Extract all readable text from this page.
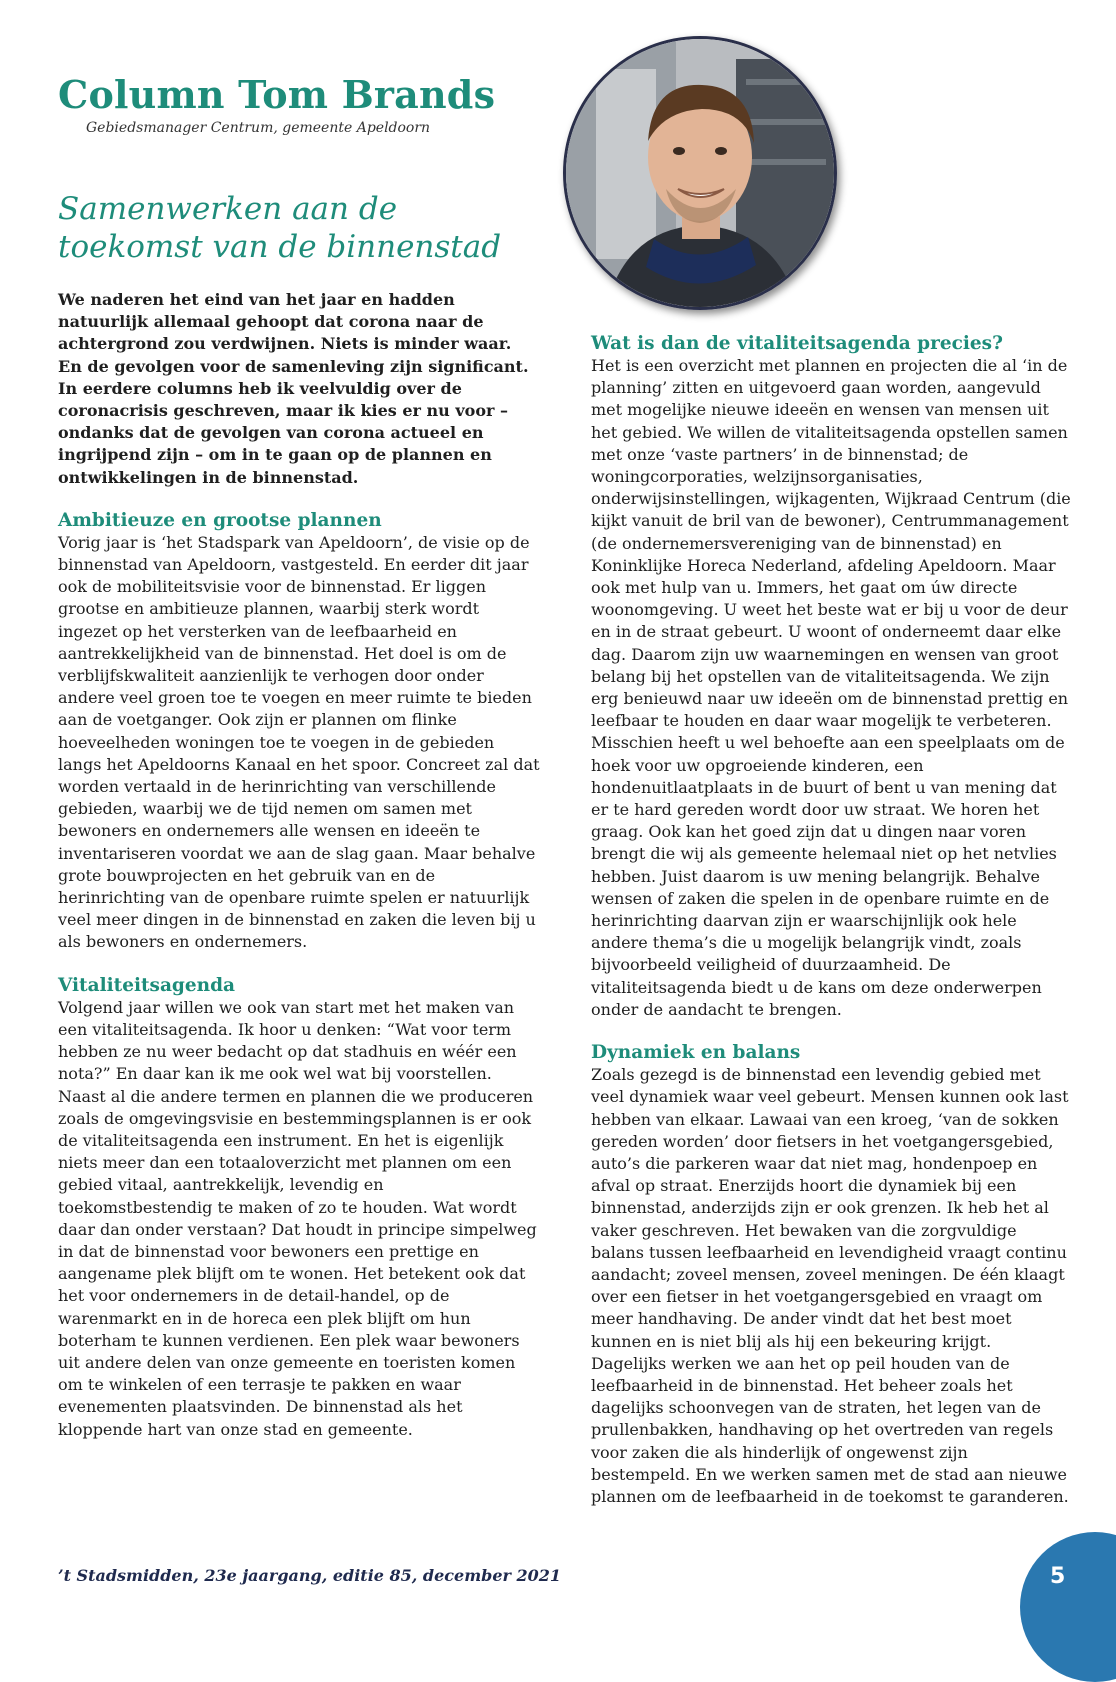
Column Tom Brands
Gebiedsmanager Centrum, gemeente Apeldoorn
Samenwerken aan de
toekomst van de binnenstad

We naderen het eind van het jaar en hadden natuurlijk allemaal gehoopt dat corona naar de achtergrond zou verdwijnen. Niets is minder waar. En de gevolgen voor de samenleving zijn significant. In eerdere columns heb ik veelvuldig over de coronacrisis geschreven, maar ik kies er nu voor – ondanks dat de gevolgen van corona actueel en ingrijpend zijn – om in te gaan op de plannen en ontwikkelingen in de binnenstad.

Ambitieuze en grootse plannen

Vorig jaar is ‘het Stadspark van Apeldoorn’, de visie op de binnenstad van Apeldoorn, vastgesteld. En eerder dit jaar ook de mobiliteitsvisie voor de binnenstad. Er liggen grootse en ambitieuze plannen, waarbij sterk wordt ingezet op het versterken van de leefbaarheid en aantrekkelijkheid van de binnenstad. Het doel is om de verblijfskwaliteit aanzienlijk te verhogen door onder andere veel groen toe te voegen en meer ruimte te bieden aan de voetganger. Ook zijn er plannen om flinke hoeveelheden woningen toe te voegen in de gebieden langs het Apeldoorns Kanaal en het spoor. Concreet zal dat worden vertaald in de herinrichting van verschillende gebieden, waarbij we de tijd nemen om samen met bewoners en ondernemers alle wensen en ideeën te inventariseren voordat we aan de slag gaan. Maar behalve grote bouwprojecten en het gebruik van en de herinrichting van de openbare ruimte spelen er natuurlijk veel meer dingen in de binnenstad en zaken die leven bij u als bewoners en ondernemers.

Vitaliteitsagenda

Volgend jaar willen we ook van start met het maken van een vitaliteitsagenda. Ik hoor u denken: “Wat voor term hebben ze nu weer bedacht op dat stadhuis en wéér een nota?” En daar kan ik me ook wel wat bij voorstellen. Naast al die andere termen en plannen die we produceren zoals de omgevingsvisie en bestemmingsplannen is er ook de vitaliteitsagenda een instrument. En het is eigenlijk niets meer dan een totaaloverzicht met plannen om een gebied vitaal, aantrekkelijk, levendig en toekomstbestendig te maken of zo te houden. Wat wordt daar dan onder verstaan? Dat houdt in principe simpelweg in dat de binnenstad voor bewoners een prettige en aangename plek blijft om te wonen. Het betekent ook dat het voor ondernemers in de detail-handel, op de warenmarkt en in de horeca een plek blijft om hun boterham te kunnen verdienen. Een plek waar bewoners uit andere delen van onze gemeente en toeristen komen om te winkelen of een terrasje te pakken en waar evenementen plaatsvinden. De binnenstad als het kloppende hart van onze stad en gemeente.

Wat is dan de vitaliteitsagenda precies?

Het is een overzicht met plannen en projecten die al ‘in de planning’ zitten en uitgevoerd gaan worden, aangevuld met mogelijke nieuwe ideeën en wensen van mensen uit het gebied. We willen de vitaliteitsagenda opstellen samen met onze ‘vaste partners’ in de binnenstad; de woningcorporaties, welzijnsorganisaties, onderwijsinstellingen, wijkagenten, Wijkraad Centrum (die kijkt vanuit de bril van de bewoner), Centrummanagement (de ondernemersvereniging van de binnenstad) en Koninklijke Horeca Nederland, afdeling Apeldoorn. Maar ook met hulp van u. Immers, het gaat om úw directe woonomgeving. U weet het beste wat er bij u voor de deur en in de straat gebeurt. U woont of onderneemt daar elke dag. Daarom zijn uw waarnemingen en wensen van groot belang bij het opstellen van de vitaliteitsagenda. We zijn erg benieuwd naar uw ideeën om de binnenstad prettig en leefbaar te houden en daar waar mogelijk te verbeteren. Misschien heeft u wel behoefte aan een speelplaats om de hoek voor uw opgroeiende kinderen, een hondenuitlaatplaats in de buurt of bent u van mening dat er te hard gereden wordt door uw straat. We horen het graag. Ook kan het goed zijn dat u dingen naar voren brengt die wij als gemeente helemaal niet op het netvlies hebben. Juist daarom is uw mening belangrijk. Behalve wensen of zaken die spelen in de openbare ruimte en de herinrichting daarvan zijn er waarschijnlijk ook hele andere thema’s die u mogelijk belangrijk vindt, zoals bijvoorbeeld veiligheid of duurzaamheid. De vitaliteitsagenda biedt u de kans om deze onderwerpen onder de aandacht te brengen.

Dynamiek en balans

Zoals gezegd is de binnenstad een levendig gebied met veel dynamiek waar veel gebeurt. Mensen kunnen ook last hebben van elkaar. Lawaai van een kroeg, ‘van de sokken gereden worden’ door fietsers in het voetgangersgebied, auto’s die parkeren waar dat niet mag, hondenpoep en afval op straat. Enerzijds hoort die dynamiek bij een binnenstad, anderzijds zijn er ook grenzen. Ik heb het al vaker geschreven. Het bewaken van die zorgvuldige balans tussen leefbaarheid en levendigheid vraagt continu aandacht; zoveel mensen, zoveel meningen. De één klaagt over een fietser in het voetgangersgebied en vraagt om meer handhaving. De ander vindt dat het best moet kunnen en is niet blij als hij een bekeuring krijgt. Dagelijks werken we aan het op peil houden van de leefbaarheid in de binnenstad. Het beheer zoals het dagelijks schoonvegen van de straten, het legen van de prullenbakken, handhaving op het overtreden van regels voor zaken die als hinderlijk of ongewenst zijn bestempeld. En we werken samen met de stad aan nieuwe plannen om de leefbaarheid in de toekomst te garanderen.

’t Stadsmidden, 23e jaargang, editie 85, december 2021	5
